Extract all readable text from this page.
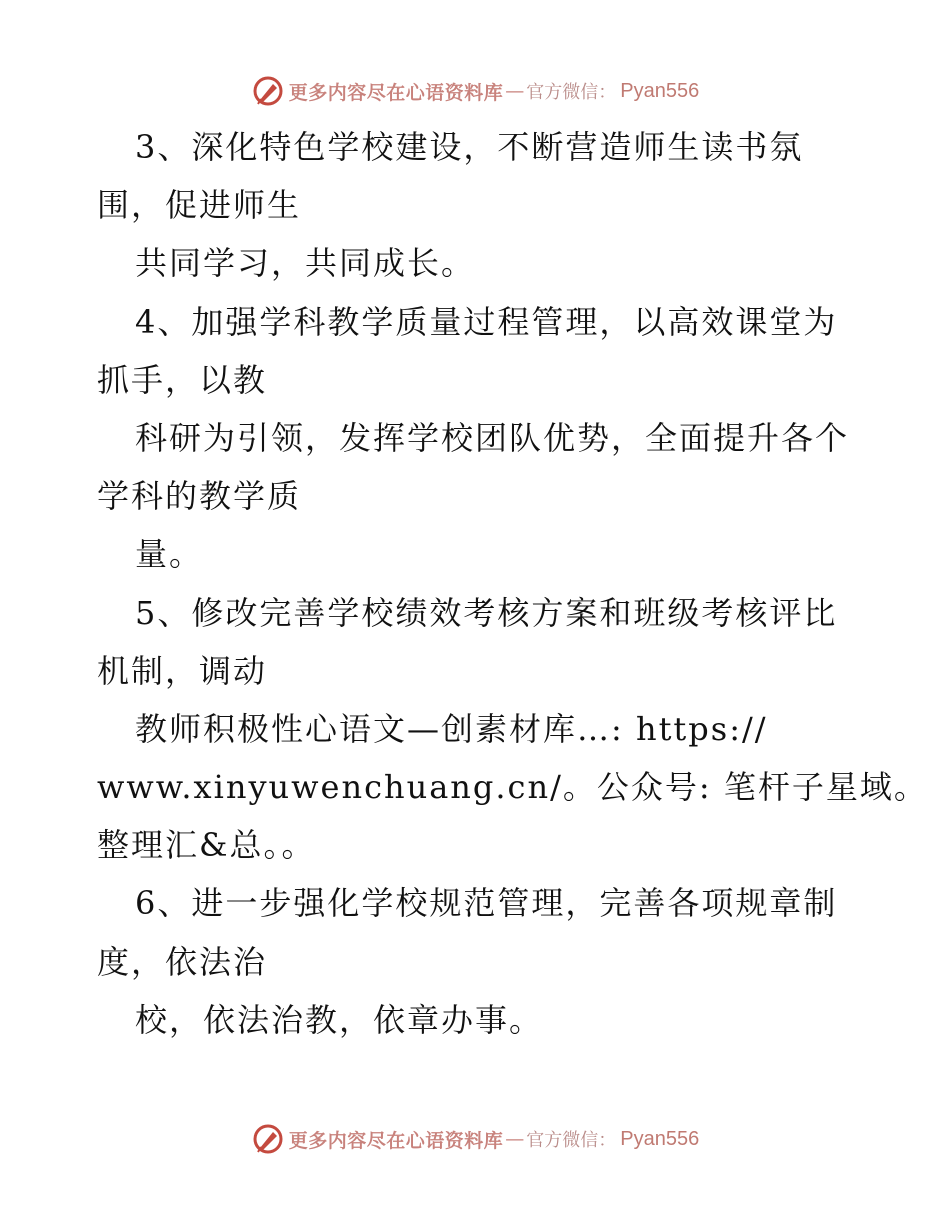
更多内容尽在心语资料库 — 官方微信： Pyan556
3、深化特色学校建设，不断营造师生读书氛
围，促进师生
共同学习，共同成长。
4、加强学科教学质量过程管理，以高效课堂为
抓手，以教
科研为引领，发挥学校团队优势，全面提升各个
学科的教学质
量。
5、修改完善学校绩效考核方案和班级考核评比
机制，调动
教师积极性心语文—创素材库…: https://
www.xinyuwenchuang.cn/。公众号: 笔杆子星域。
整理汇&总。。
6、进一步强化学校规范管理，完善各项规章制
度，依法治
校，依法治教，依章办事。
更多内容尽在心语资料库 — 官方微信： Pyan556
